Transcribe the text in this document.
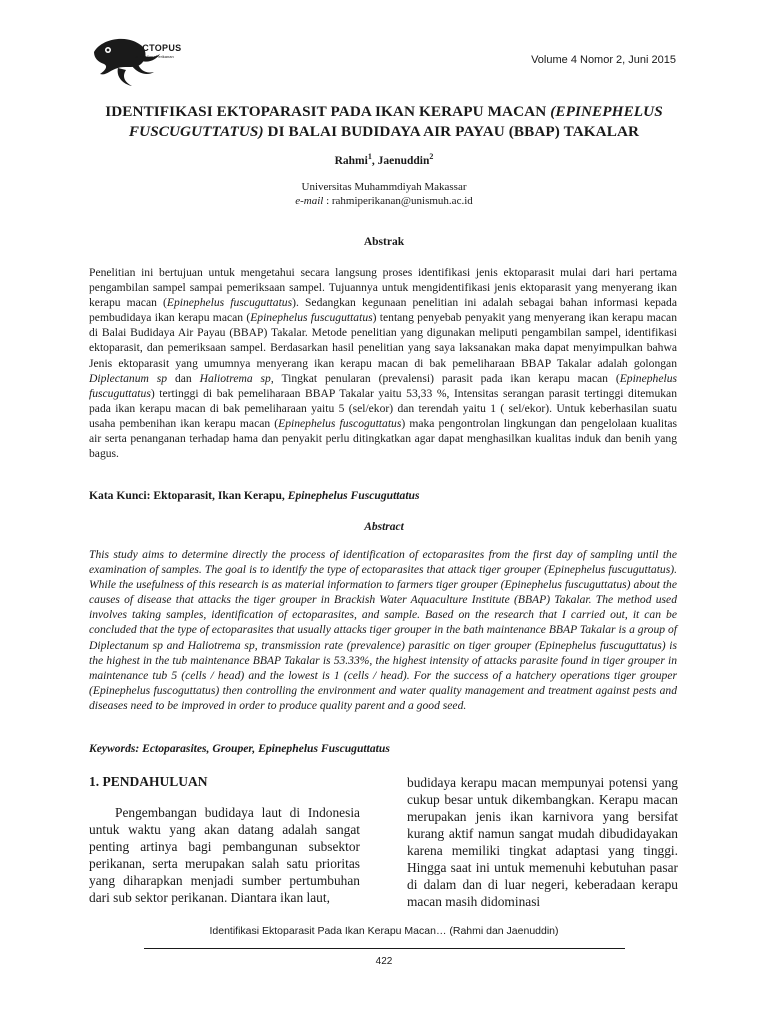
OCTOPUS
Jurnal Ilmu Perikanan	Volume 4 Nomor 2, Juni 2015
IDENTIFIKASI EKTOPARASIT PADA IKAN KERAPU MACAN (EPINEPHELUS FUSCUGUTTATUS) DI BALAI BUDIDAYA AIR PAYAU (BBAP) TAKALAR
Rahmi$^1$, Jaenuddin$^2$
Universitas Muhammdiyah Makassar
e-mail : rahmiperikanan@unismuh.ac.id
Abstrak
Penelitian ini bertujuan untuk mengetahui secara langsung proses identifikasi jenis ektoparasit mulai dari hari pertama pengambilan sampel sampai pemeriksaan sampel. Tujuannya untuk mengidentifikasi jenis ektoparasit yang menyerang ikan kerapu macan (Epinephelus fuscuguttatus). Sedangkan kegunaan penelitian ini adalah sebagai bahan informasi kepada pembudidaya ikan kerapu macan (Epinephelus fuscuguttatus) tentang penyebab penyakit yang menyerang ikan kerapu macan di Balai Budidaya Air Payau (BBAP) Takalar. Metode penelitian yang digunakan meliputi pengambilan sampel, identifikasi ektoparasit, dan pemeriksaan sampel. Berdasarkan hasil penelitian yang saya laksanakan maka dapat menyimpulkan bahwa Jenis ektoparasit yang umumnya menyerang ikan kerapu macan di bak pemeliharaan BBAP Takalar adalah golongan Diplectanum sp dan Haliotrema sp, Tingkat penularan (prevalensi) parasit pada ikan kerapu macan (Epinephelus fuscuguttatus) tertinggi di bak pemeliharaan BBAP Takalar yaitu 53,33 %, Intensitas serangan parasit tertinggi ditemukan pada ikan kerapu macan di bak pemeliharaan yaitu 5 (sel/ekor) dan terendah yaitu 1 ( sel/ekor). Untuk keberhasilan suatu usaha pembenihan ikan kerapu macan (Epinephelus fuscoguttatus) maka pengontrolan lingkungan dan pengelolaan kualitas air serta penanganan terhadap hama dan penyakit perlu ditingkatkan agar dapat menghasilkan kualitas induk dan benih yang bagus.
Kata Kunci: Ektoparasit, Ikan Kerapu, Epinephelus Fuscuguttatus
Abstract
This study aims to determine directly the process of identification of ectoparasites from the first day of sampling until the examination of samples. The goal is to identify the type of ectoparasites that attack tiger grouper (Epinephelus fuscuguttatus). While the usefulness of this research is as material information to farmers tiger grouper (Epinephelus fuscuguttatus) about the causes of disease that attacks the tiger grouper in Brackish Water Aquaculture Institute (BBAP) Takalar. The method used involves taking samples, identification of ectoparasites, and sample. Based on the research that I carried out, it can be concluded that the type of ectoparasites that usually attacks tiger grouper in the bath maintenance BBAP Takalar is a group of Diplectanum sp and Haliotrema sp, transmission rate (prevalence) parasitic on tiger grouper (Epinephelus fuscuguttatus) is the highest in the tub maintenance BBAP Takalar is 53.33%, the highest intensity of attacks parasite found in tiger grouper in maintenance tub 5 (cells / head) and the lowest is 1 (cells / head). For the success of a hatchery operations tiger grouper (Epinephelus fuscoguttatus) then controlling the environment and water quality management and treatment against pests and diseases need to be improved in order to produce quality parent and a good seed.
Keywords: Ectoparasites, Grouper, Epinephelus Fuscuguttatus
1. PENDAHULUAN
Pengembangan budidaya laut di Indonesia untuk waktu yang akan datang adalah sangat penting artinya bagi pembangunan subsektor perikanan, serta merupakan salah satu prioritas yang diharapkan menjadi sumber pertumbuhan dari sub sektor perikanan. Diantara ikan laut,
budidaya kerapu macan mempunyai potensi yang cukup besar untuk dikembangkan. Kerapu macan merupakan jenis ikan karnivora yang bersifat kurang aktif namun sangat mudah dibudidayakan karena memiliki tingkat adaptasi yang tinggi. Hingga saat ini untuk memenuhi kebutuhan pasar di dalam dan di luar negeri, keberadaan kerapu macan masih didominasi
Identifikasi Ektoparasit Pada Ikan Kerapu Macan… (Rahmi dan Jaenuddin)
422
